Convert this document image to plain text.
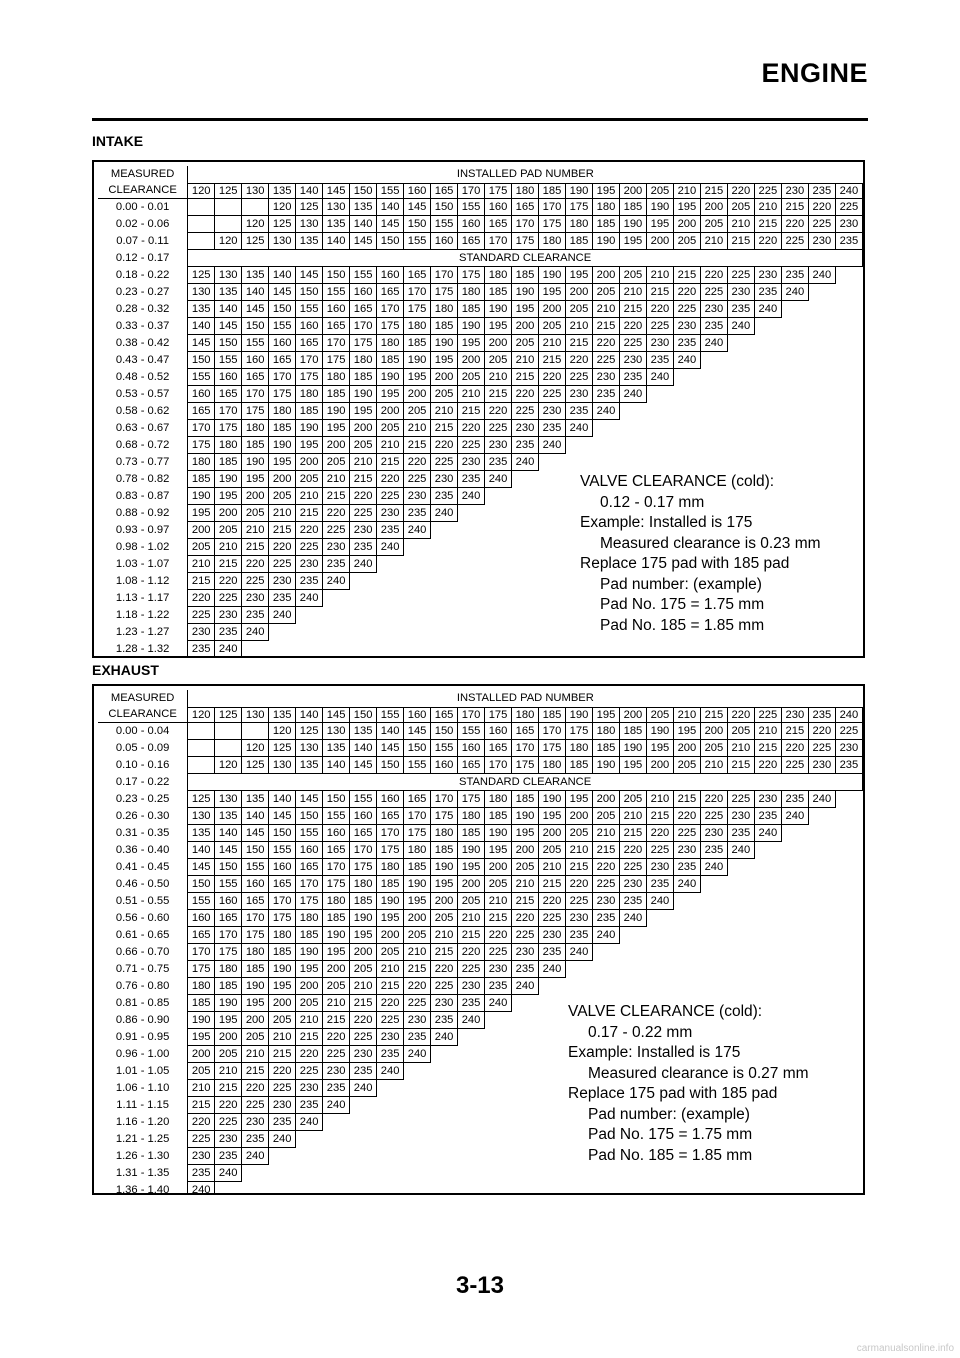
ENGINE
INTAKE
MEASURED
CLEARANCE	INSTALLED PAD NUMBER																								
	120	125	130	135	140	145	150	155	160	165	170	175	180	185	190	195	200	205	210	215	220	225	230	235	240
0.00 - 0.01				120	125	130	135	140	145	150	155	160	165	170	175	180	185	190	195	200	205	210	215	220	225
0.02 - 0.06			120	125	130	135	140	145	150	155	160	165	170	175	180	185	190	195	200	205	210	215	220	225	230
0.07 - 0.11		120	125	130	135	140	145	150	155	160	165	170	175	180	185	190	195	200	205	210	215	220	225	230	235
0.12 - 0.17	STANDARD CLEARANCE																								
0.18 - 0.22	125	130	135	140	145	150	155	160	165	170	175	180	185	190	195	200	205	210	215	220	225	230	235	240	
0.23 - 0.27	130	135	140	145	150	155	160	165	170	175	180	185	190	195	200	205	210	215	220	225	230	235	240		
0.28 - 0.32	135	140	145	150	155	160	165	170	175	180	185	190	195	200	205	210	215	220	225	230	235	240			
0.33 - 0.37	140	145	150	155	160	165	170	175	180	185	190	195	200	205	210	215	220	225	230	235	240				
0.38 - 0.42	145	150	155	160	165	170	175	180	185	190	195	200	205	210	215	220	225	230	235	240					
0.43 - 0.47	150	155	160	165	170	175	180	185	190	195	200	205	210	215	220	225	230	235	240						
0.48 - 0.52	155	160	165	170	175	180	185	190	195	200	205	210	215	220	225	230	235	240							
0.53 - 0.57	160	165	170	175	180	185	190	195	200	205	210	215	220	225	230	235	240								
0.58 - 0.62	165	170	175	180	185	190	195	200	205	210	215	220	225	230	235	240									
0.63 - 0.67	170	175	180	185	190	195	200	205	210	215	220	225	230	235	240										
0.68 - 0.72	175	180	185	190	195	200	205	210	215	220	225	230	235	240											
0.73 - 0.77	180	185	190	195	200	205	210	215	220	225	230	235	240												
0.78 - 0.82	185	190	195	200	205	210	215	220	225	230	235	240													
0.83 - 0.87	190	195	200	205	210	215	220	225	230	235	240														
0.88 - 0.92	195	200	205	210	215	220	225	230	235	240															
0.93 - 0.97	200	205	210	215	220	225	230	235	240																
0.98 - 1.02	205	210	215	220	225	230	235	240																	
1.03 - 1.07	210	215	220	225	230	235	240																		
1.08 - 1.12	215	220	225	230	235	240																			
1.13 - 1.17	220	225	230	235	240																				
1.18 - 1.22	225	230	235	240																					
1.23 - 1.27	230	235	240																						
1.28 - 1.32	235	240																							

VALVE CLEARANCE (cold):
0.12 - 0.17 mm
Example: Installed is 175
Measured clearance is 0.23 mm
Replace 175 pad with 185 pad
Pad number: (example)
Pad No. 175 = 1.75 mm
Pad No. 185 = 1.85 mm
EXHAUST
MEASURED
CLEARANCE	INSTALLED PAD NUMBER																								
	120	125	130	135	140	145	150	155	160	165	170	175	180	185	190	195	200	205	210	215	220	225	230	235	240
0.00 - 0.04				120	125	130	135	140	145	150	155	160	165	170	175	180	185	190	195	200	205	210	215	220	225
0.05 - 0.09			120	125	130	135	140	145	150	155	160	165	170	175	180	185	190	195	200	205	210	215	220	225	230
0.10 - 0.16		120	125	130	135	140	145	150	155	160	165	170	175	180	185	190	195	200	205	210	215	220	225	230	235
0.17 - 0.22	STANDARD CLEARANCE																								
0.23 - 0.25	125	130	135	140	145	150	155	160	165	170	175	180	185	190	195	200	205	210	215	220	225	230	235	240	
0.26 - 0.30	130	135	140	145	150	155	160	165	170	175	180	185	190	195	200	205	210	215	220	225	230	235	240		
0.31 - 0.35	135	140	145	150	155	160	165	170	175	180	185	190	195	200	205	210	215	220	225	230	235	240			
0.36 - 0.40	140	145	150	155	160	165	170	175	180	185	190	195	200	205	210	215	220	225	230	235	240				
0.41 - 0.45	145	150	155	160	165	170	175	180	185	190	195	200	205	210	215	220	225	230	235	240					
0.46 - 0.50	150	155	160	165	170	175	180	185	190	195	200	205	210	215	220	225	230	235	240						
0.51 - 0.55	155	160	165	170	175	180	185	190	195	200	205	210	215	220	225	230	235	240							
0.56 - 0.60	160	165	170	175	180	185	190	195	200	205	210	215	220	225	230	235	240								
0.61 - 0.65	165	170	175	180	185	190	195	200	205	210	215	220	225	230	235	240									
0.66 - 0.70	170	175	180	185	190	195	200	205	210	215	220	225	230	235	240										
0.71 - 0.75	175	180	185	190	195	200	205	210	215	220	225	230	235	240											
0.76 - 0.80	180	185	190	195	200	205	210	215	220	225	230	235	240												
0.81 - 0.85	185	190	195	200	205	210	215	220	225	230	235	240													
0.86 - 0.90	190	195	200	205	210	215	220	225	230	235	240														
0.91 - 0.95	195	200	205	210	215	220	225	230	235	240															
0.96 - 1.00	200	205	210	215	220	225	230	235	240																
1.01 - 1.05	205	210	215	220	225	230	235	240																	
1.06 - 1.10	210	215	220	225	230	235	240																		
1.11 - 1.15	215	220	225	230	235	240																			
1.16 - 1.20	220	225	230	235	240																				
1.21 - 1.25	225	230	235	240																					
1.26 - 1.30	230	235	240																						
1.31 - 1.35	235	240																							
1.36 - 1.40	240																								
VALVE CLEARANCE (cold):
0.17 - 0.22 mm
Example: Installed is 175
Measured clearance is 0.27 mm
Replace 175 pad with 185 pad
Pad number: (example)
Pad No. 175 = 1.75 mm
Pad No. 185 = 1.85 mm
3-13
carmanualsonline.info
